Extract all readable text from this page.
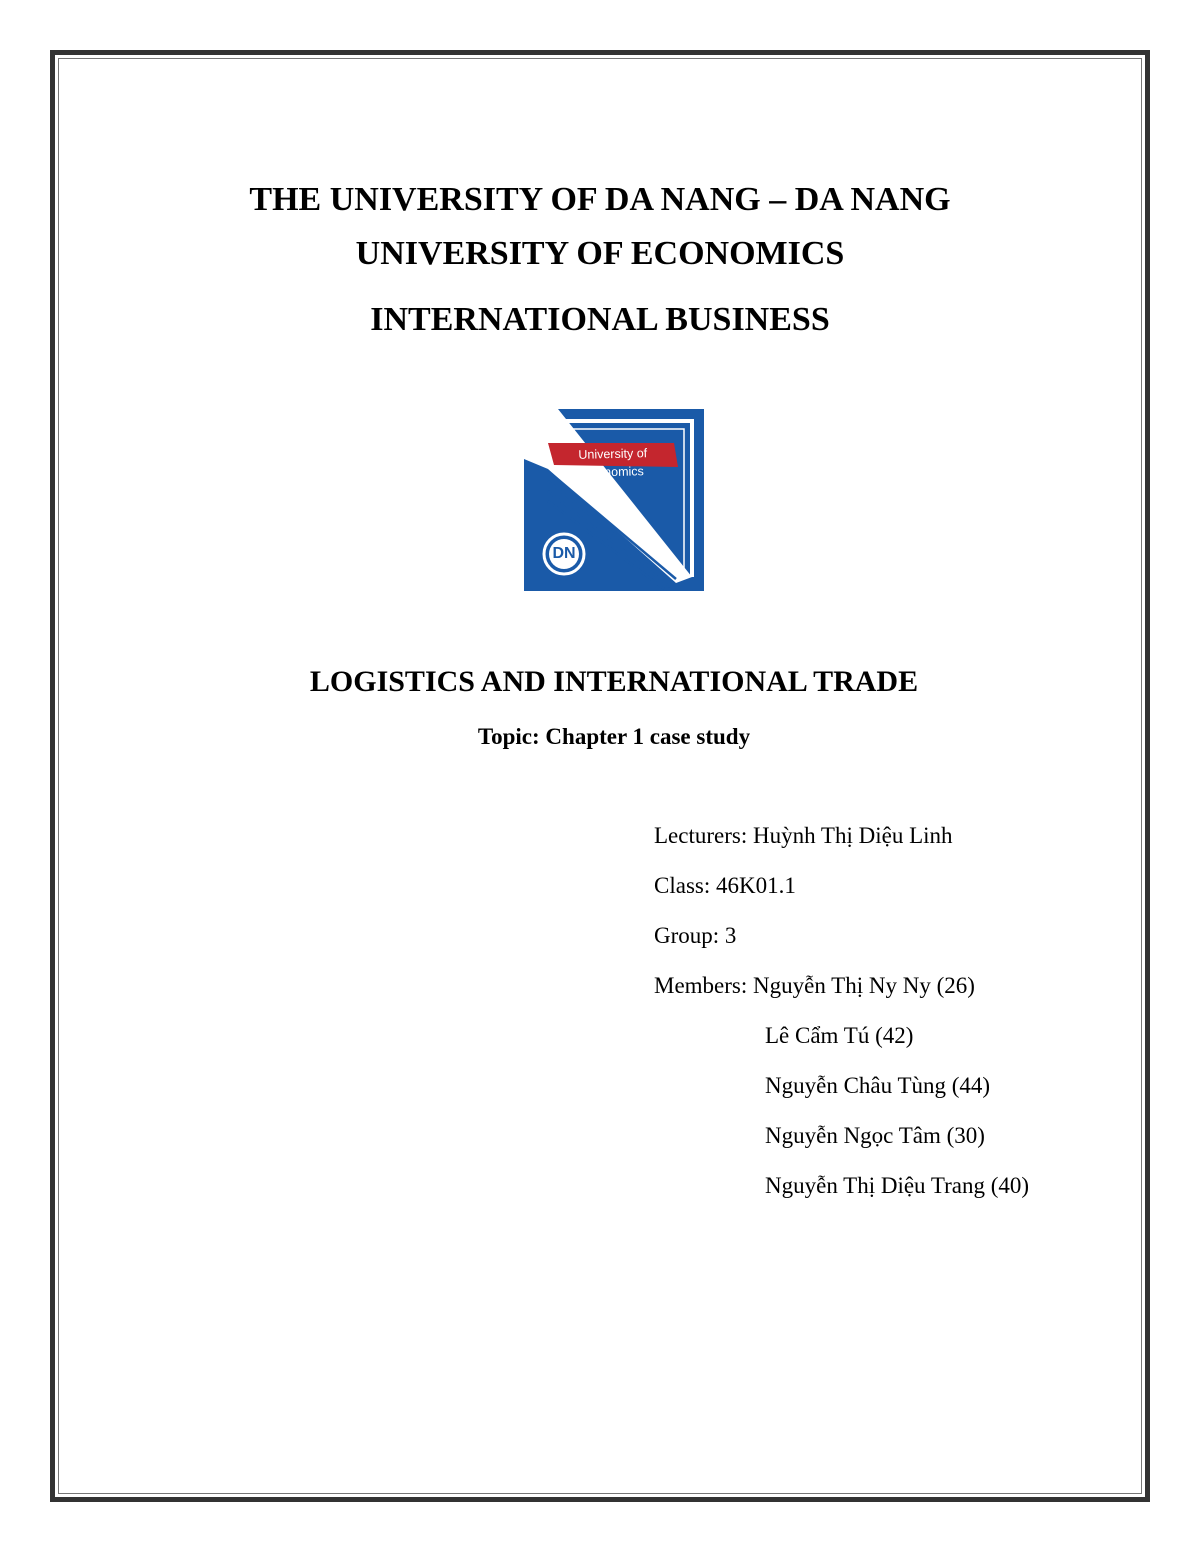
THE UNIVERSITY OF DA NANG – DA NANG
UNIVERSITY OF ECONOMICS
INTERNATIONAL BUSINESS
University of Economics
DN
LOGISTICS AND INTERNATIONAL TRADE
Topic: Chapter 1 case study
Lecturers: Huỳnh Thị Diệu Linh
Class: 46K01.1
Group: 3
Members: Nguyễn Thị Ny Ny (26)
Lê Cẩm Tú (42)
Nguyễn Châu Tùng (44)
Nguyễn Ngọc Tâm (30)
Nguyễn Thị Diệu Trang (40)
